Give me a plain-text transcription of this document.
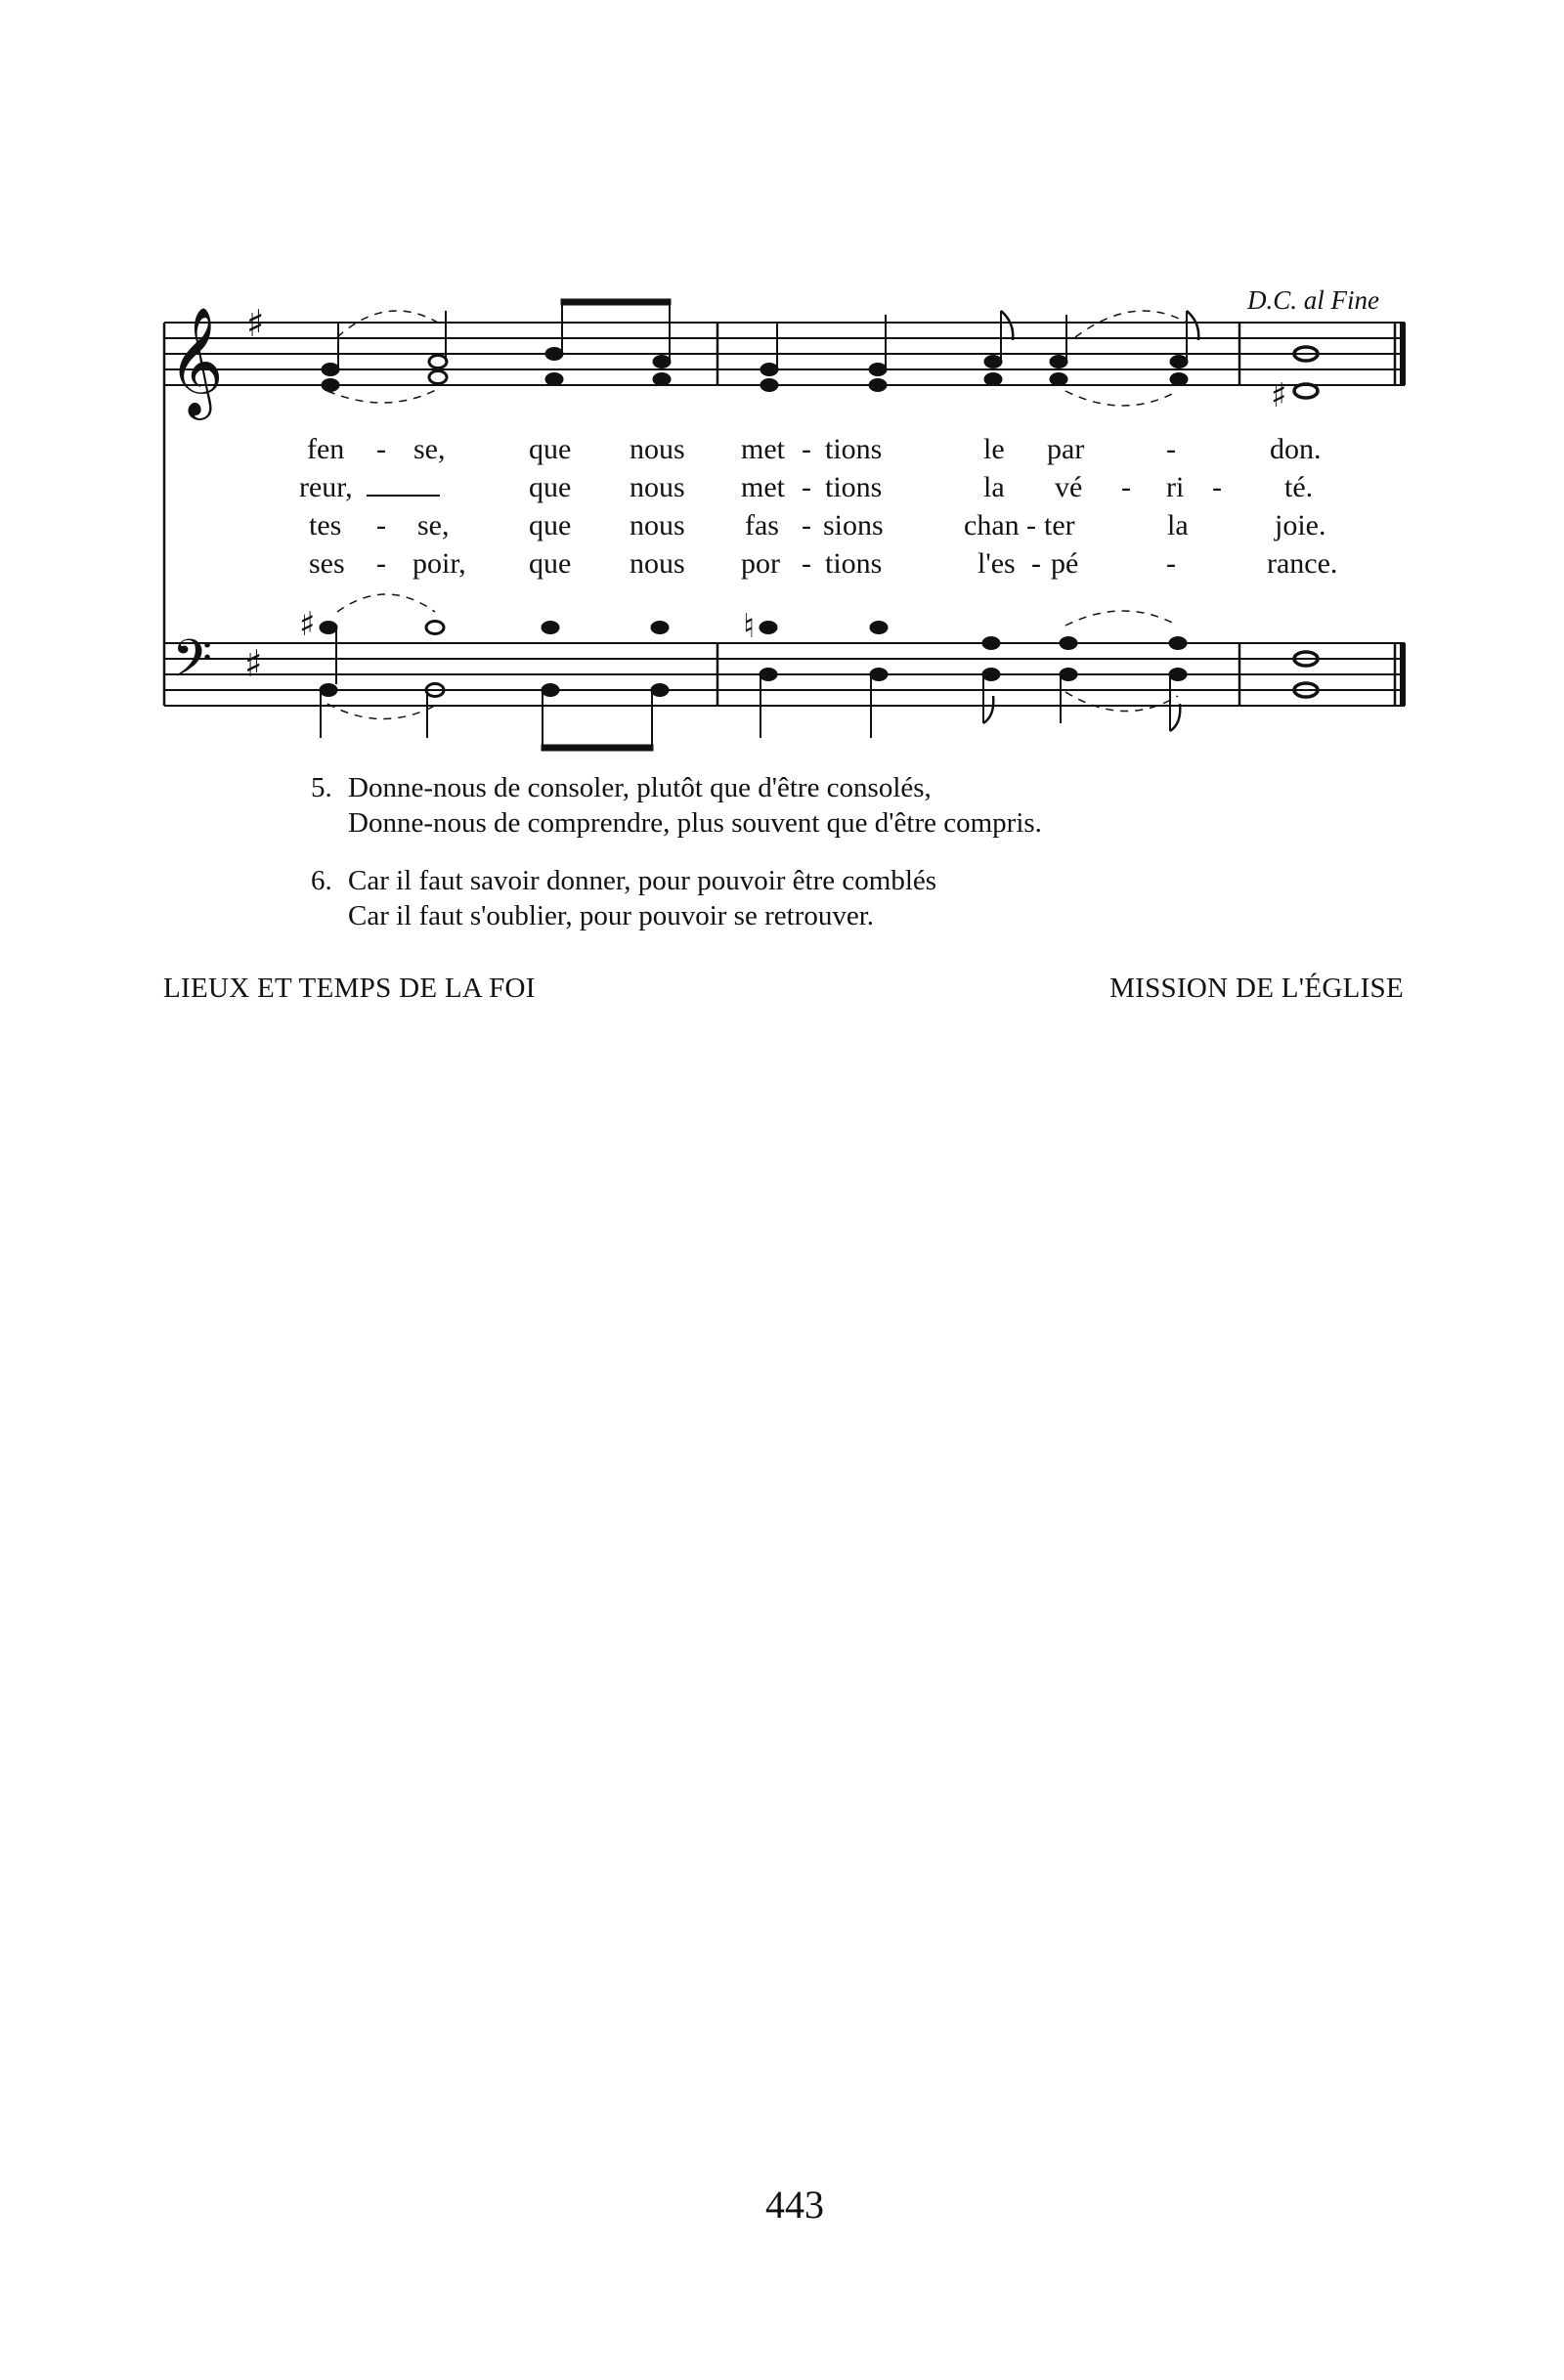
𝄞 ♯
𝄢 ♯
♯
♯	♮
D.C. al Fine
fen - se,	que nous met - tions	le par	-	don.
reur,	que nous met - tions	la vé - ri - té.
tes - se,	que nous fas - sions	chan - ter	la	joie.
ses - poir, que nous por - tions	l'es - pé	-	rance.
5. Donne-nous de consoler, plutôt que d'être consolés,
Donne-nous de comprendre, plus souvent que d'être compris.
6. Car il faut savoir donner, pour pouvoir être comblés
Car il faut s'oublier, pour pouvoir se retrouver.
LIEUX ET TEMPS DE LA FOI	MISSION DE L'ÉGLISE
443
